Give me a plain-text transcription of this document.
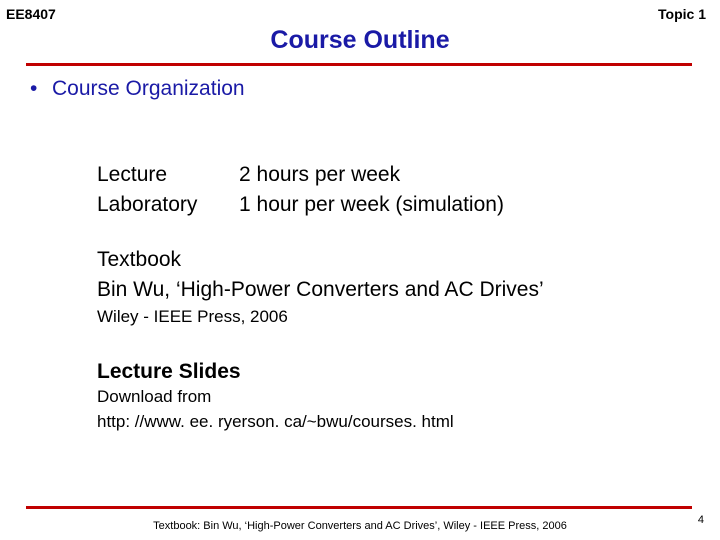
EE8407	Topic 1
Course Outline
• Course Organization
Lecture	2 hours per week
Laboratory 1 hour per week (simulation)
Textbook
Bin Wu, ‘High-Power Converters and AC Drives’
Wiley - IEEE Press, 2006
Lecture Slides
Download from
http: //www. ee. ryerson. ca/~bwu/courses. html
Textbook: Bin Wu, ‘High-Power Converters and AC Drives’, Wiley - IEEE Press, 2006	4
